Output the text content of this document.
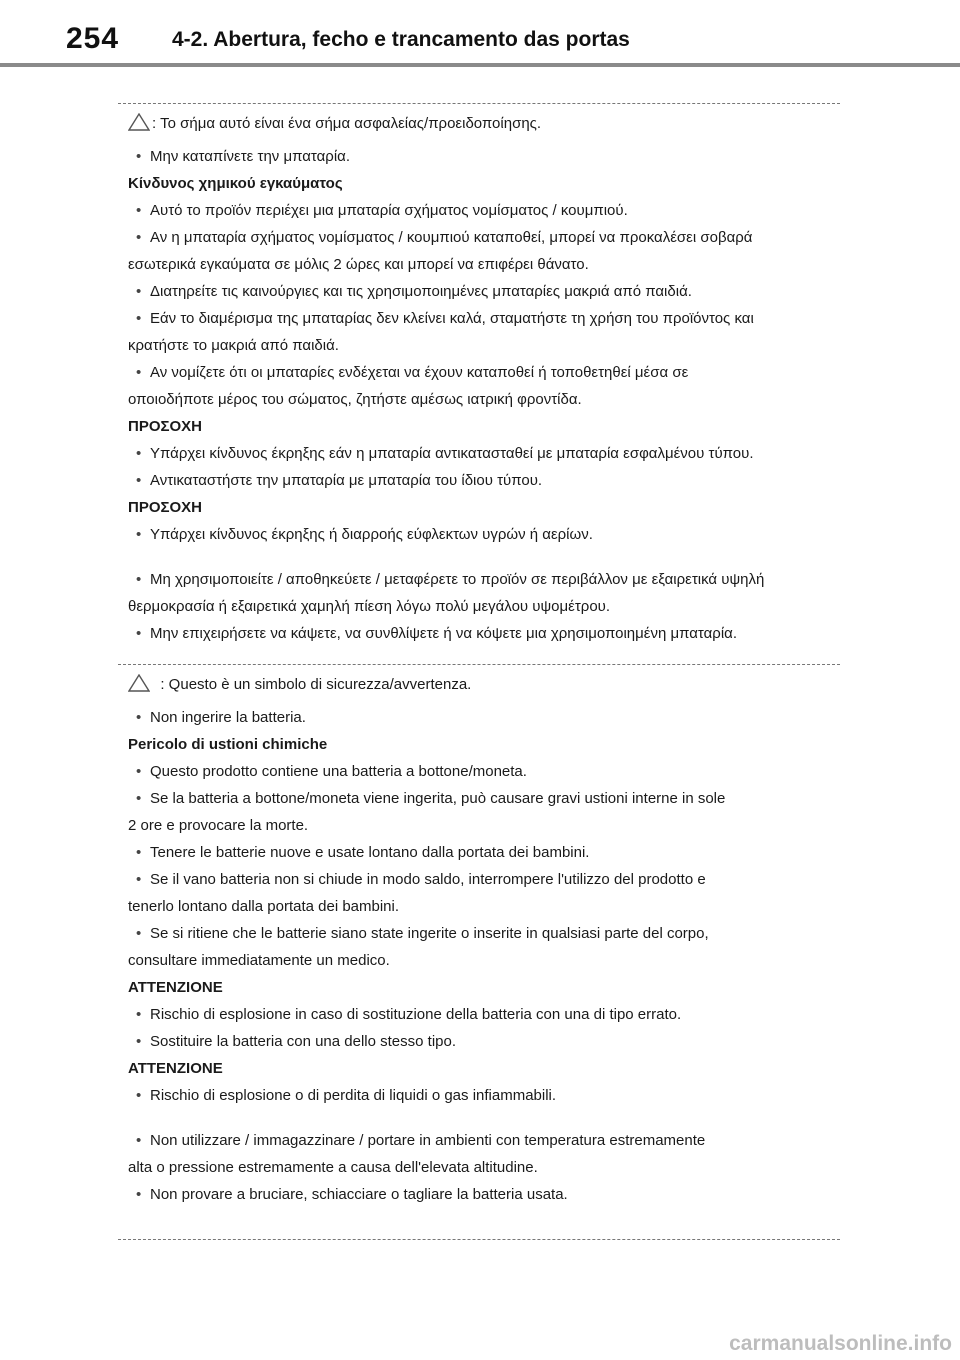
254	4-2. Abertura, fecho e trancamento das portas
: Το σήμα αυτό είναι ένα σήμα ασφαλείας/προειδοποίησης.
• Μην καταπίνετε την μπαταρία.
Κίνδυνος χημικού εγκαύματος
• Αυτό το προϊόν περιέχει μια μπαταρία σχήματος νομίσματος / κουμπιού.
• Αν η μπαταρία σχήματος νομίσματος / κουμπιού καταποθεί, μπορεί να προκαλέσει σοβαρά
εσωτερικά εγκαύματα σε μόλις 2 ώρες και μπορεί να επιφέρει θάνατο.
• Διατηρείτε τις καινούργιες και τις χρησιμοποιημένες μπαταρίες μακριά από παιδιά.
• Εάν το διαμέρισμα της μπαταρίας δεν κλείνει καλά, σταματήστε τη χρήση του προϊόντος και
κρατήστε το μακριά από παιδιά.
• Αν νομίζετε ότι οι μπαταρίες ενδέχεται να έχουν καταποθεί ή τοποθετηθεί μέσα σε
οποιοδήποτε μέρος του σώματος, ζητήστε αμέσως ιατρική φροντίδα.
ΠΡΟΣΟΧΗ
• Υπάρχει κίνδυνος έκρηξης εάν η μπαταρία αντικατασταθεί με μπαταρία εσφαλμένου τύπου.
• Αντικαταστήστε την μπαταρία με μπαταρία του ίδιου τύπου.
ΠΡΟΣΟΧΗ
• Υπάρχει κίνδυνος έκρηξης ή διαρροής εύφλεκτων υγρών ή αερίων.
• Μη χρησιμοποιείτε / αποθηκεύετε / μεταφέρετε το προϊόν σε περιβάλλον με εξαιρετικά υψηλή
θερμοκρασία ή εξαιρετικά χαμηλή πίεση λόγω πολύ μεγάλου υψομέτρου.
• Μην επιχειρήσετε να κάψετε, να συνθλίψετε ή να κόψετε μια χρησιμοποιημένη μπαταρία.
: Questo è un simbolo di sicurezza/avvertenza.
• Non ingerire la batteria.
Pericolo di ustioni chimiche
• Questo prodotto contiene una batteria a bottone/moneta.
• Se la batteria a bottone/moneta viene ingerita, può causare gravi ustioni interne in sole
2 ore e provocare la morte.
• Tenere le batterie nuove e usate lontano dalla portata dei bambini.
• Se il vano batteria non si chiude in modo saldo, interrompere l'utilizzo del prodotto e
tenerlo lontano dalla portata dei bambini.
• Se si ritiene che le batterie siano state ingerite o inserite in qualsiasi parte del corpo,
consultare immediatamente un medico.
ATTENZIONE
• Rischio di esplosione in caso di sostituzione della batteria con una di tipo errato.
• Sostituire la batteria con una dello stesso tipo.
ATTENZIONE
• Rischio di esplosione o di perdita di liquidi o gas infiammabili.
• Non utilizzare / immagazzinare / portare in ambienti con temperatura estremamente
alta o pressione estremamente a causa dell'elevata altitudine.
• Non provare a bruciare, schiacciare o tagliare la batteria usata.
carmanualsonline.info
